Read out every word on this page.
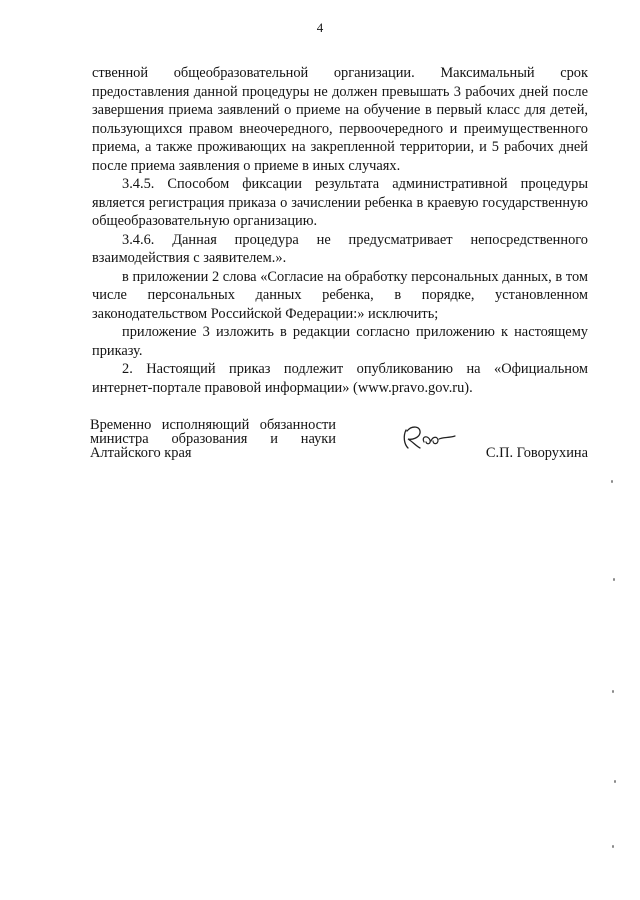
4

ственной общеобразовательной организации. Максимальный срок предоставления данной процедуры не должен превышать 3 рабочих дней после завершения приема заявлений о приеме на обучение в первый класс для детей, пользующихся правом внеочередного, первоочередного и преимущественного приема, а также проживающих на закрепленной территории, и 5 рабочих дней после приема заявления о приеме в иных случаях.

3.4.5. Способом фиксации результата административной процедуры является регистрация приказа о зачислении ребенка в краевую государственную общеобразовательную организацию.

3.4.6. Данная процедура не предусматривает непосредственного взаимодействия с заявителем.».

в приложении 2 слова «Согласие на обработку персональных данных, в том числе персональных данных ребенка, в порядке, установленном законодательством Российской Федерации:» исключить;

приложение 3 изложить в редакции согласно приложению к настоящему приказу.

2. Настоящий приказ подлежит опубликованию на «Официальном интернет-портале правовой информации» (www.pravo.gov.ru).

Временно исполняющий обязанности
министра образования и науки
Алтайского края	С.П. Говорухина
